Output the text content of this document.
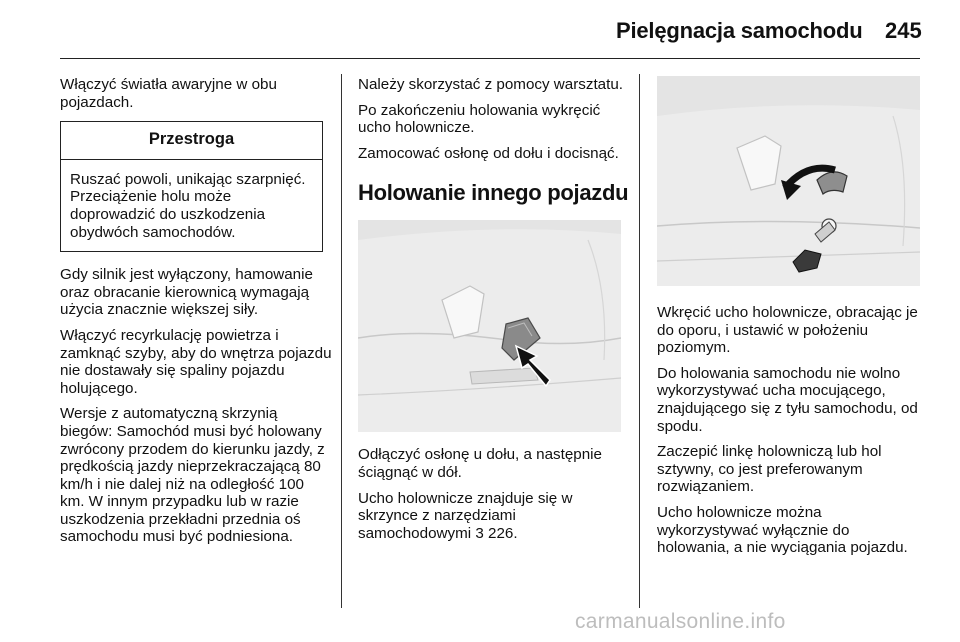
Pielęgnacja samochodu 245

Włączyć światła awaryjne w obu pojazdach.

Przestroga
Ruszać powoli, unikając szarpnięć. Przeciążenie holu może doprowadzić do uszkodzenia obydwóch samochodów.

Gdy silnik jest wyłączony, hamowanie oraz obracanie kierownicą wymagają użycia znacznie większej siły.

Włączyć recyrkulację powietrza i zamknąć szyby, aby do wnętrza pojazdu nie dostawały się spaliny pojazdu holującego.

Wersje z automatyczną skrzynią biegów: Samochód musi być holowany zwrócony przodem do kierunku jazdy, z prędkością jazdy nieprzekraczającą 80 km/h i nie dalej niż na odległość 100 km. W innym przypadku lub w razie uszkodzenia przekładni przednia oś samochodu musi być podniesiona.

Należy skorzystać z pomocy warsztatu.

Po zakończeniu holowania wykręcić ucho holownicze.

Zamocować osłonę od dołu i docisnąć.

Holowanie innego pojazdu

Odłączyć osłonę u dołu, a następnie ściągnąć w dół.

Ucho holownicze znajduje się w skrzynce z narzędziami samochodowymi 3 226.

Wkręcić ucho holownicze, obracając je do oporu, i ustawić w położeniu poziomym.

Do holowania samochodu nie wolno wykorzystywać ucha mocującego, znajdującego się z tyłu samochodu, od spodu.

Zaczepić linkę holowniczą lub hol sztywny, co jest preferowanym rozwiązaniem.

Ucho holownicze można wykorzystywać wyłącznie do holowania, a nie wyciągania pojazdu.

carmanualsonline.info
